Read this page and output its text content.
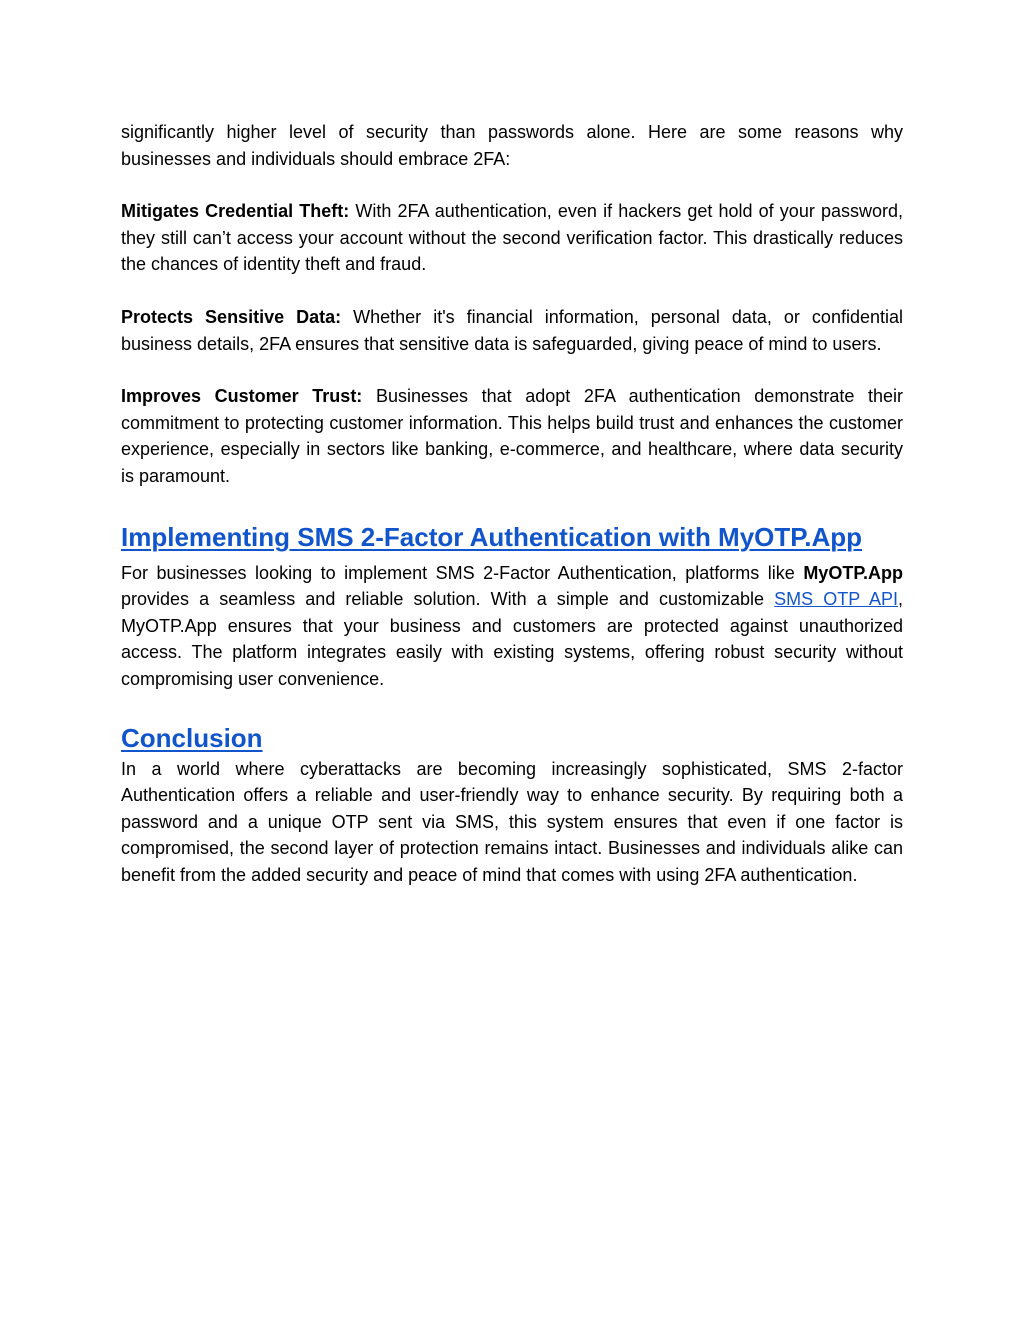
significantly higher level of security than passwords alone. Here are some reasons why businesses and individuals should embrace 2FA:

Mitigates Credential Theft: With 2FA authentication, even if hackers get hold of your password, they still can’t access your account without the second verification factor. This drastically reduces the chances of identity theft and fraud.

Protects Sensitive Data: Whether it's financial information, personal data, or confidential business details, 2FA ensures that sensitive data is safeguarded, giving peace of mind to users.

Improves Customer Trust: Businesses that adopt 2FA authentication demonstrate their commitment to protecting customer information. This helps build trust and enhances the customer experience, especially in sectors like banking, e-commerce, and healthcare, where data security is paramount.

Implementing SMS 2-Factor Authentication with MyOTP.App

For businesses looking to implement SMS 2-Factor Authentication, platforms like MyOTP.App provides a seamless and reliable solution. With a simple and customizable SMS OTP API, MyOTP.App ensures that your business and customers are protected against unauthorized access. The platform integrates easily with existing systems, offering robust security without compromising user convenience.

Conclusion

In a world where cyberattacks are becoming increasingly sophisticated, SMS 2-factor Authentication offers a reliable and user-friendly way to enhance security. By requiring both a password and a unique OTP sent via SMS, this system ensures that even if one factor is compromised, the second layer of protection remains intact. Businesses and individuals alike can benefit from the added security and peace of mind that comes with using 2FA authentication.
